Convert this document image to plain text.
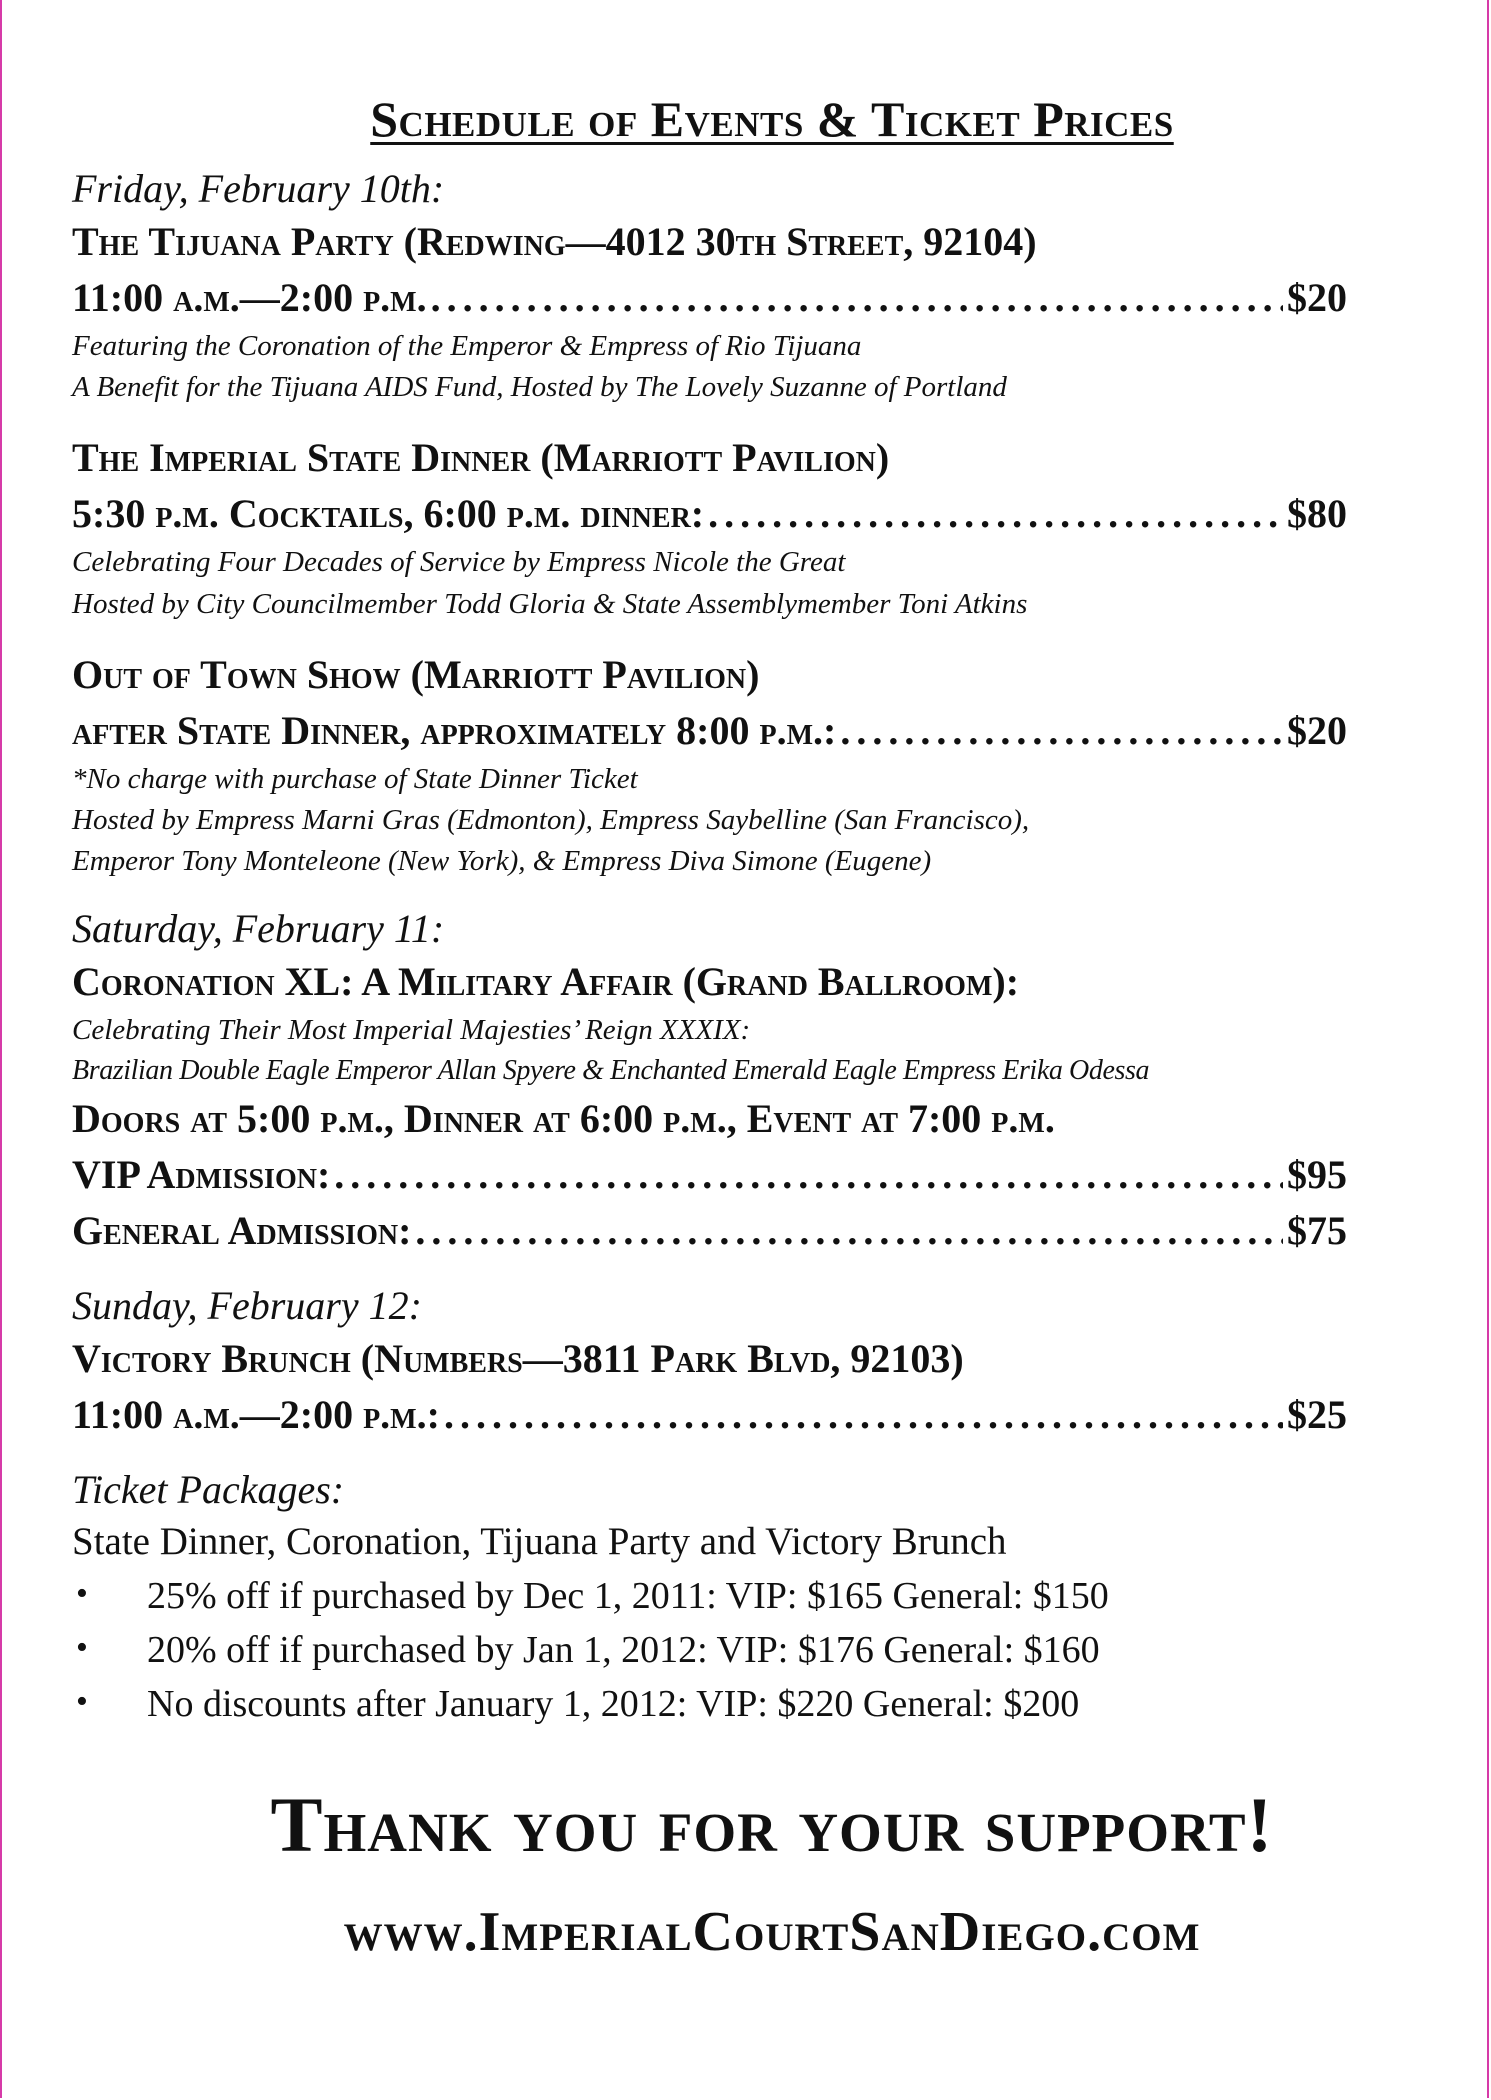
Schedule of Events & Ticket Prices
Friday, February 10th:
The Tijuana Party (Redwing—4012 30th Street, 92104)
11:00 a.m.—2:00 p.m. . . .	$20
Featuring the Coronation of the Emperor & Empress of Rio Tijuana
A Benefit for the Tijuana AIDS Fund, Hosted by The Lovely Suzanne of Portland
The Imperial State Dinner (Marriott Pavilion)
5:30 p.m. Cocktails, 6:00 p.m. dinner: . . .	$80
Celebrating Four Decades of Service by Empress Nicole the Great
Hosted by City Councilmember Todd Gloria & State Assemblymember Toni Atkins
Out of Town Show (Marriott Pavilion)
after State Dinner, approximately 8:00 p.m.: . . .	$20
*No charge with purchase of State Dinner Ticket
Hosted by Empress Marni Gras (Edmonton), Empress Saybelline (San Francisco),
Emperor Tony Monteleone (New York), & Empress Diva Simone (Eugene)
Saturday, February 11:
Coronation XL: A Military Affair (Grand Ballroom):
Celebrating Their Most Imperial Majesties’ Reign XXXIX:
Brazilian Double Eagle Emperor Allan Spyere & Enchanted Emerald Eagle Empress Erika Odessa
Doors at 5:00 p.m., Dinner at 6:00 p.m., Event at 7:00 p.m.
VIP Admission: . . .	$95
General Admission: . . .	$75
Sunday, February 12:
Victory Brunch (Numbers—3811 Park Blvd, 92103)
11:00 a.m.—2:00 p.m.: . . .	$25
Ticket Packages:
State Dinner, Coronation, Tijuana Party and Victory Brunch
• 25% off if purchased by Dec 1, 2011: VIP: $165 General: $150
• 20% off if purchased by Jan 1, 2012: VIP: $176 General: $160
• No discounts after January 1, 2012: VIP: $220 General: $200
Thank you for your support!
www.ImperialCourtSanDiego.com
